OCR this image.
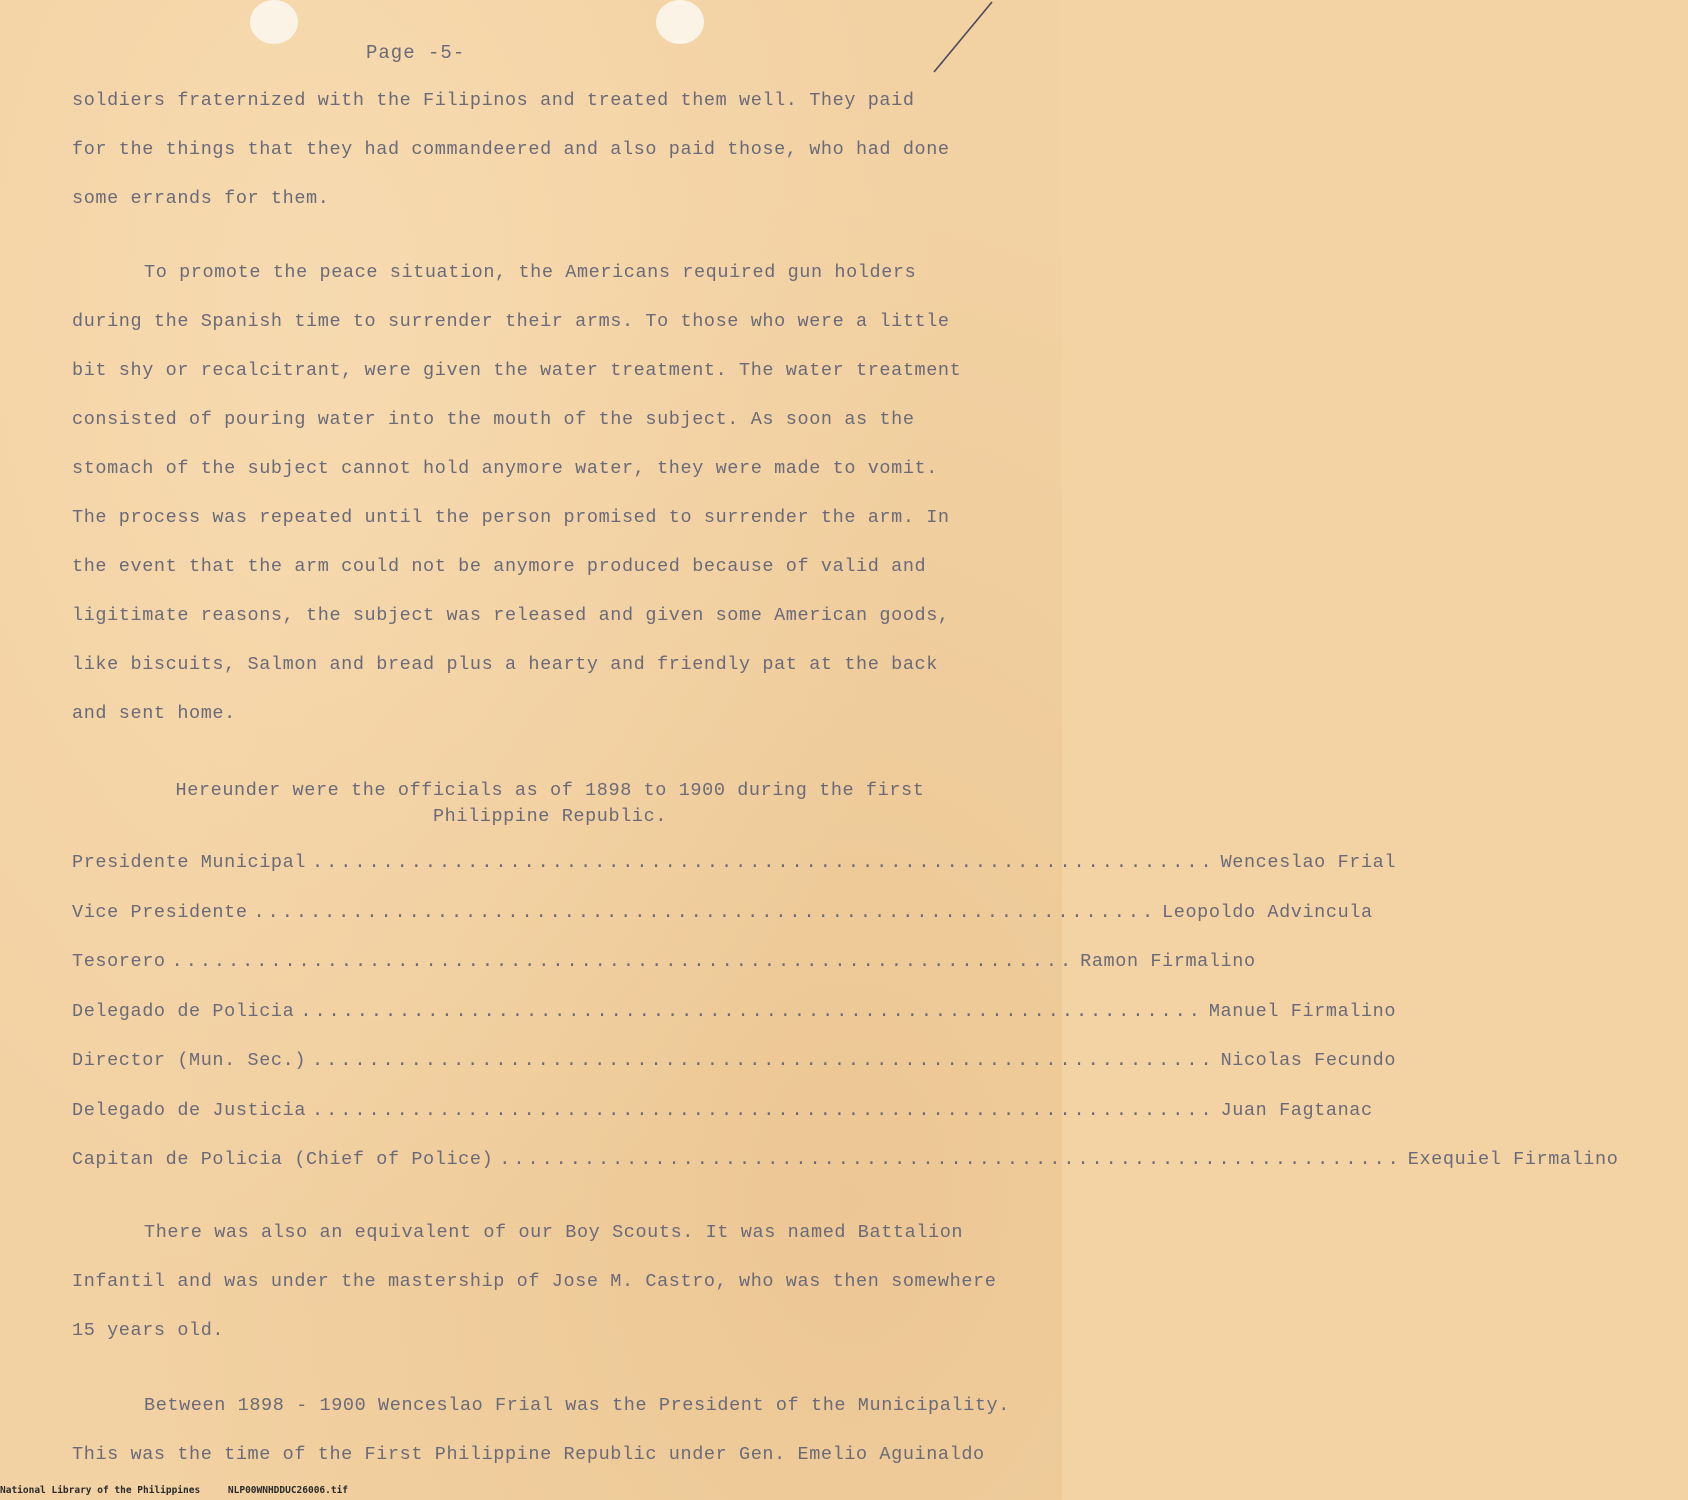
Page -5-
soldiers fraternized with the Filipinos and treated them well. They paid
for the things that they had commandeered and also paid those, who had done
some errands for them.
To promote the peace situation, the Americans required gun holders
during the Spanish time to surrender their arms. To those who were a little
bit shy or recalcitrant, were given the water treatment. The water treatment
consisted of pouring water into the mouth of the subject. As soon as the
stomach of the subject cannot hold anymore water, they were made to vomit.
The process was repeated until the person promised to surrender the arm. In
the event that the arm could not be anymore produced because of valid and
ligitimate reasons, the subject was released and given some American goods,
like biscuits, Salmon and bread plus a hearty and friendly pat at the back
and sent home.
Hereunder were the officials as of 1898 to 1900 during the first
Philippine Republic.
Presidente Municipal ................................................................ Wenceslao Frial
Vice Presidente ................................................................ Leopoldo Advincula
Tesorero ................................................................ Ramon Firmalino
Delegado de Policia ................................................................ Manuel Firmalino
Director (Mun. Sec.) ................................................................ Nicolas Fecundo
Delegado de Justicia ................................................................ Juan Fagtanac
Capitan de Policia (Chief of Police) ................................................................ Exequiel Firmalino
There was also an equivalent of our Boy Scouts. It was named Battalion
Infantil and was under the mastership of Jose M. Castro, who was then somewhere
15 years old.
Between 1898 - 1900 Wenceslao Frial was the President of the Municipality.
This was the time of the First Philippine Republic under Gen. Emelio Aguinaldo
National Library of the Philippines	NLP00WNHDDUC26006.tif
